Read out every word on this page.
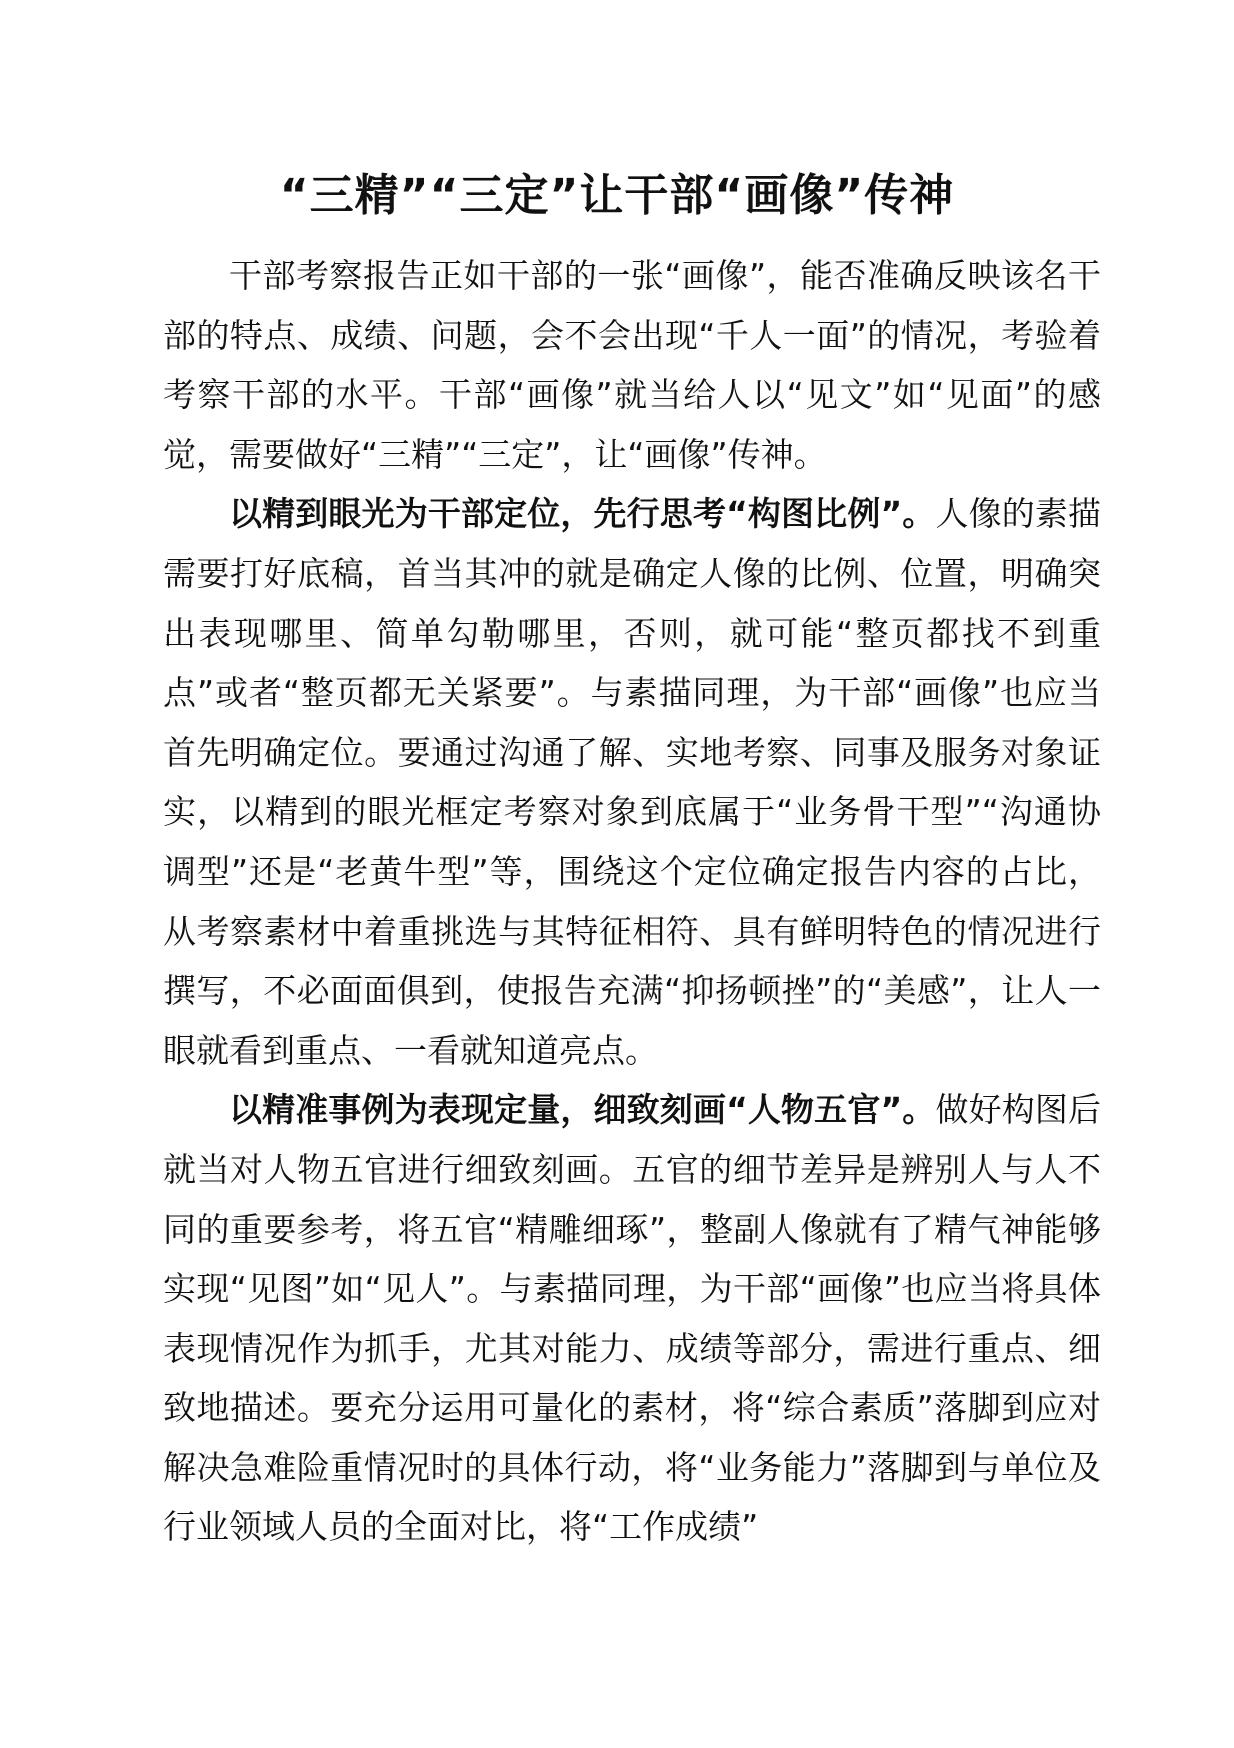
“三精”“三定”让干部“画像”传神

干部考察报告正如干部的一张“画像”，能否准确反映该名干部的特点、成绩、问题，会不会出现“千人一面”的情况，考验着考察干部的水平。干部“画像”就当给人以“见文”如“见面”的感觉，需要做好“三精”“三定”，让“画像”传神。

以精到眼光为干部定位，先行思考“构图比例”。人像的素描需要打好底稿，首当其冲的就是确定人像的比例、位置，明确突出表现哪里、简单勾勒哪里，否则，就可能“整页都找不到重点”或者“整页都无关紧要”。与素描同理，为干部“画像”也应当首先明确定位。要通过沟通了解、实地考察、同事及服务对象证实，以精到的眼光框定考察对象到底属于“业务骨干型”“沟通协调型”还是“老黄牛型”等，围绕这个定位确定报告内容的占比，从考察素材中着重挑选与其特征相符、具有鲜明特色的情况进行撰写，不必面面俱到，使报告充满“抑扬顿挫”的“美感”，让人一眼就看到重点、一看就知道亮点。

以精准事例为表现定量，细致刻画“人物五官”。做好构图后就当对人物五官进行细致刻画。五官的细节差异是辨别人与人不同的重要参考，将五官“精雕细琢”，整副人像就有了精气神能够实现“见图”如“见人”。与素描同理，为干部“画像”也应当将具体表现情况作为抓手，尤其对能力、成绩等部分，需进行重点、细致地描述。要充分运用可量化的素材，将“综合素质”落脚到应对解决急难险重情况时的具体行动，将“业务能力”落脚到与单位及行业领域人员的全面对比，将“工作成绩”
